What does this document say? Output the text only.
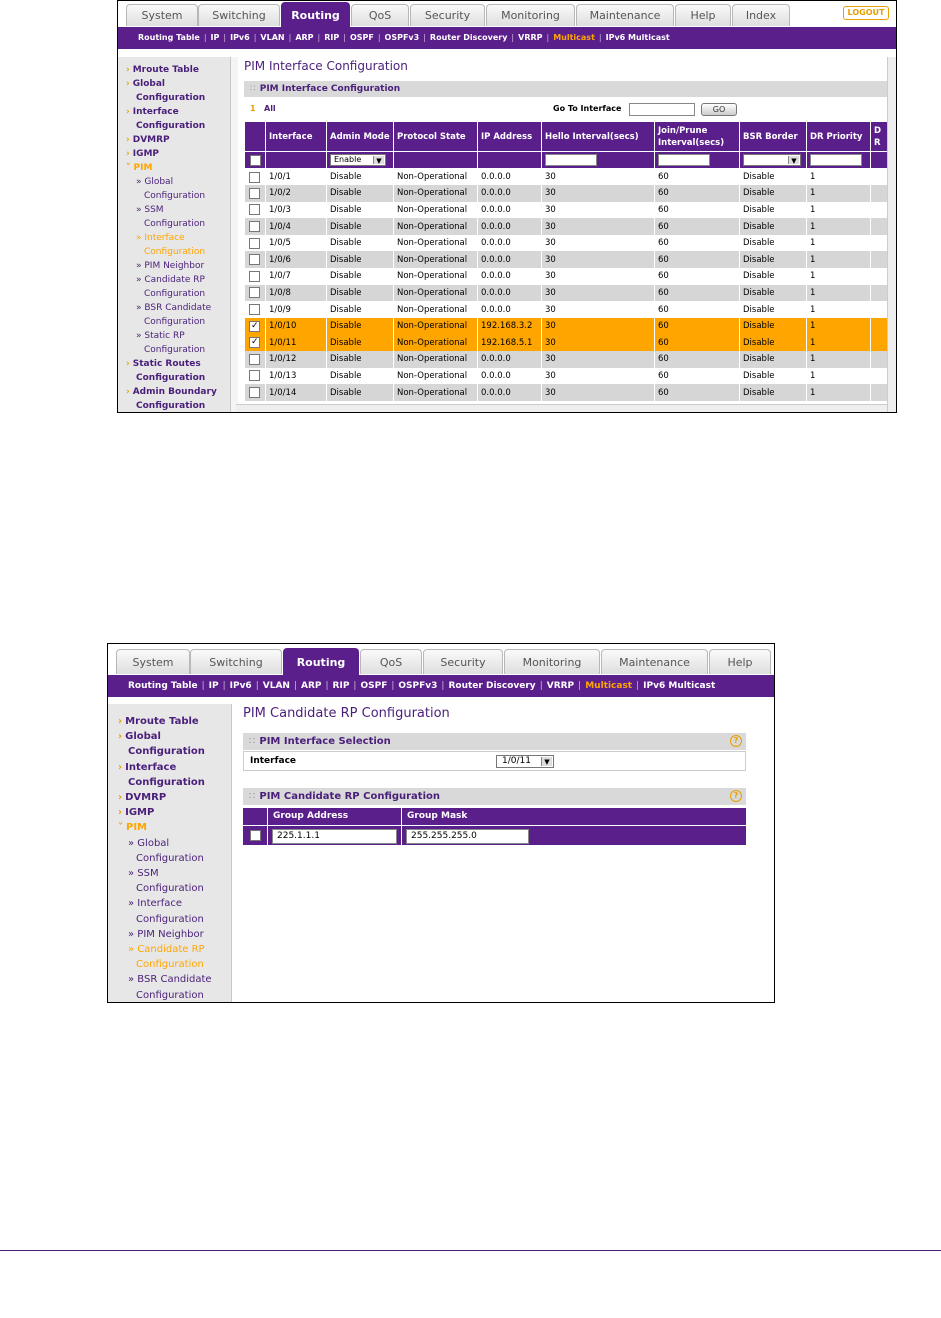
System	Switching	Routing	QoS	Security	Monitoring	Maintenance	Help	Index	LOGOUT
Routing Table | IP | IPv6 | VLAN | ARP | RIP | OSPF | OSPFv3 | Router Discovery | VRRP | Multicast | IPv6 Multicast
› Mroute Table
› Global
Configuration
› Interface
Configuration
› DVMRP
› IGMP
˅ PIM
» Global
Configuration
» SSM
Configuration
» Interface
Configuration
» PIM Neighbor
» Candidate RP
Configuration
» BSR Candidate
Configuration
» Static RP
Configuration
› Static Routes
Configuration
› Admin Boundary
Configuration
PIM Interface Configuration
∷ PIM Interface Configuration
1 All	Go To Interface	GO
	Interface	Admin Mode	Protocol State	IP Address	Hello Interval(secs)	Join/Prune Interval(secs)	BSR Border	DR Priority	D R
		Enable ▼					▼		

	1/0/1	Disable	Non-Operational	0.0.0.0	30	60	Disable	1	
	1/0/2	Disable	Non-Operational	0.0.0.0	30	60	Disable	1	
	1/0/3	Disable	Non-Operational	0.0.0.0	30	60	Disable	1	
	1/0/4	Disable	Non-Operational	0.0.0.0	30	60	Disable	1	
	1/0/5	Disable	Non-Operational	0.0.0.0	30	60	Disable	1	
	1/0/6	Disable	Non-Operational	0.0.0.0	30	60	Disable	1	
	1/0/7	Disable	Non-Operational	0.0.0.0	30	60	Disable	1	
	1/0/8	Disable	Non-Operational	0.0.0.0	30	60	Disable	1	
	1/0/9	Disable	Non-Operational	0.0.0.0	30	60	Disable	1	
✓	1/0/10	Disable	Non-Operational	192.168.3.2	30	60	Disable	1	
✓	1/0/11	Disable	Non-Operational	192.168.5.1	30	60	Disable	1	
	1/0/12	Disable	Non-Operational	0.0.0.0	30	60	Disable	1	
	1/0/13	Disable	Non-Operational	0.0.0.0	30	60	Disable	1	
	1/0/14	Disable	Non-Operational	0.0.0.0	30	60	Disable	1	
System	Switching	Routing	QoS	Security	Monitoring	Maintenance	Help
Routing Table | IP | IPv6 | VLAN | ARP | RIP | OSPF | OSPFv3 | Router Discovery | VRRP | Multicast | IPv6 Multicast
› Mroute Table
› Global
Configuration
› Interface
Configuration
› DVMRP
› IGMP
˅ PIM
» Global
Configuration
» SSM
Configuration
» Interface
Configuration
» PIM Neighbor
» Candidate RP
Configuration
» BSR Candidate
Configuration
PIM Candidate RP Configuration
∷ PIM Interface Selection	?
Interface	1/0/11	▼
∷ PIM Candidate RP Configuration	?
Group Address	Group Mask
225.1.1.1	255.255.255.0
